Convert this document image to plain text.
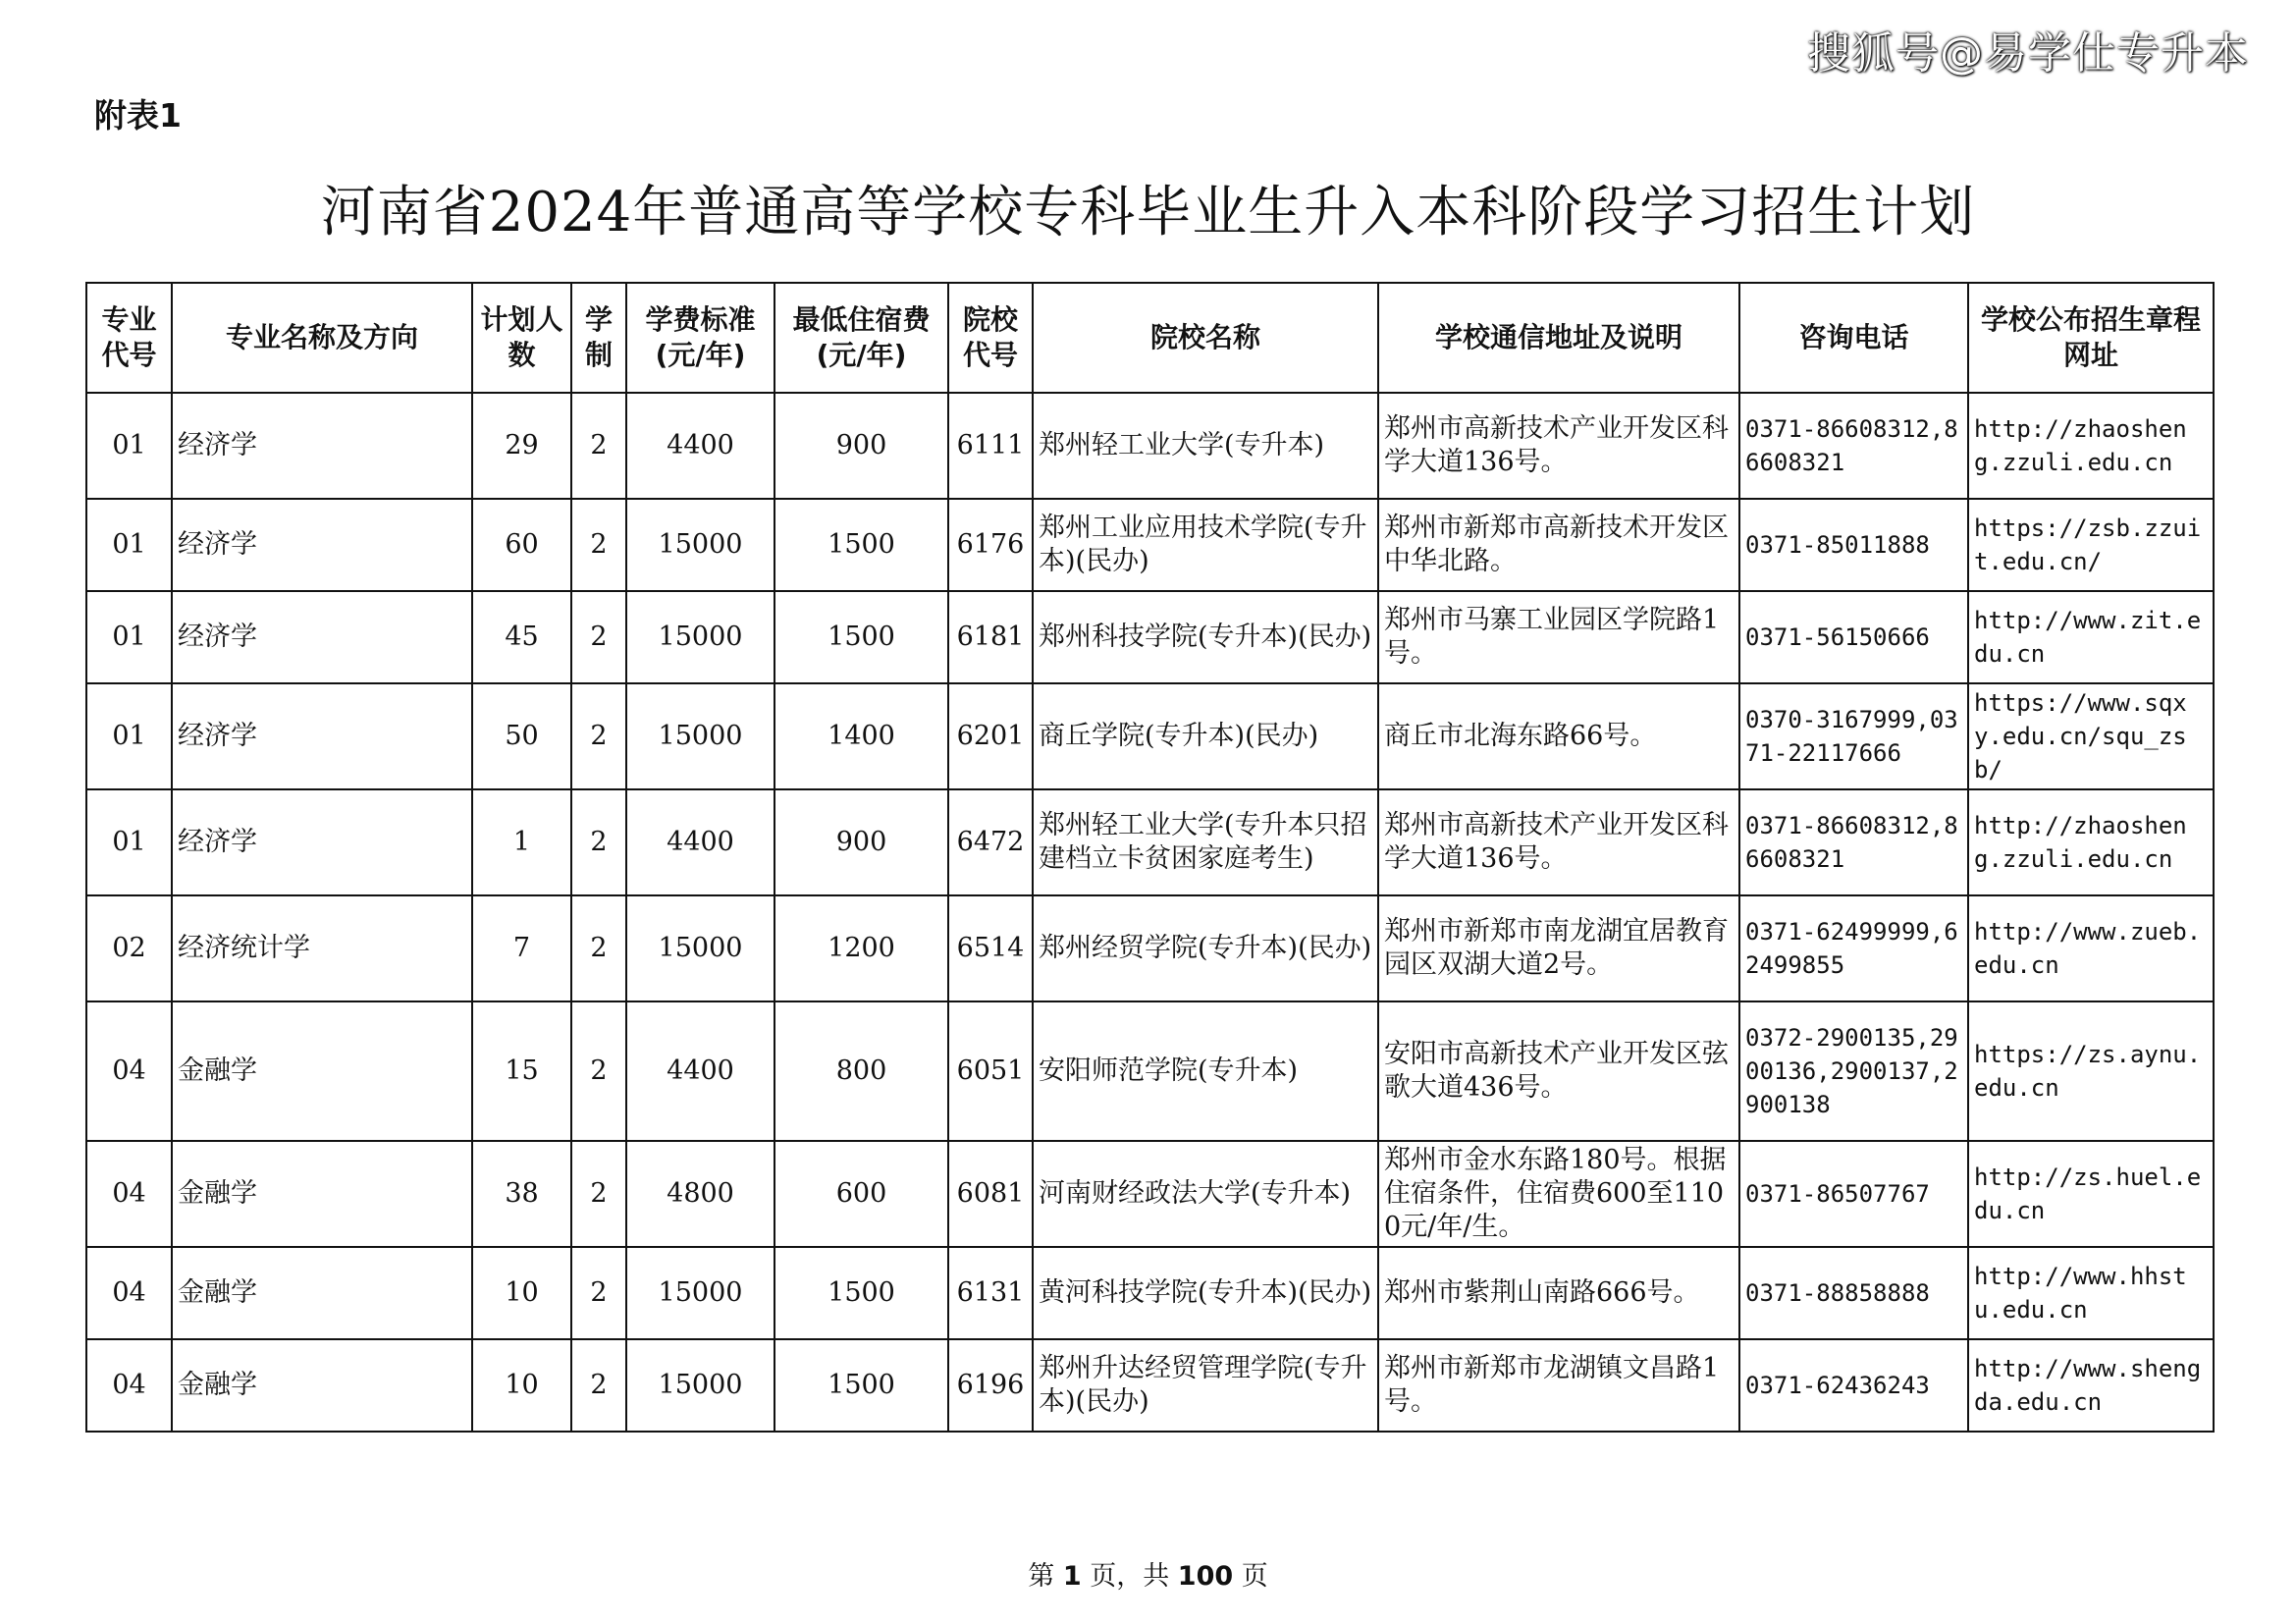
搜狐号@易学仕专升本
附表1
河南省2024年普通高等学校专科毕业生升入本科阶段学习招生计划
专业代号	专业名称及方向	计划人数	学制	学费标准(元/年)	最低住宿费(元/年)	院校代号	院校名称	学校通信地址及说明	咨询电话	学校公布招生章程网址
01	经济学	29	2	4400	900	6111	郑州轻工业大学(专升本)	郑州市高新技术产业开发区科学大道136号。	0371-86608312,86608321	http://zhaosheng.zzuli.edu.cn
01	经济学	60	2	15000	1500	6176	郑州工业应用技术学院(专升本)(民办)	郑州市新郑市高新技术开发区中华北路。	0371-85011888	https://zsb.zzuit.edu.cn/
01	经济学	45	2	15000	1500	6181	郑州科技学院(专升本)(民办)	郑州市马寨工业园区学院路1号。	0371-56150666	http://www.zit.edu.cn
01	经济学	50	2	15000	1400	6201	商丘学院(专升本)(民办)	商丘市北海东路66号。	0370-3167999,0371-22117666	https://www.sqxy.edu.cn/squ_zsb/
01	经济学	1	2	4400	900	6472	郑州轻工业大学(专升本只招建档立卡贫困家庭考生)	郑州市高新技术产业开发区科学大道136号。	0371-86608312,86608321	http://zhaosheng.zzuli.edu.cn
02	经济统计学	7	2	15000	1200	6514	郑州经贸学院(专升本)(民办)	郑州市新郑市南龙湖宜居教育园区双湖大道2号。	0371-62499999,62499855	http://www.zueb.edu.cn
04	金融学	15	2	4400	800	6051	安阳师范学院(专升本)	安阳市高新技术产业开发区弦歌大道436号。	0372-2900135,2900136,2900137,2900138	https://zs.aynu.edu.cn
04	金融学	38	2	4800	600	6081	河南财经政法大学(专升本)	郑州市金水东路180号。根据住宿条件，住宿费600至1100元/年/生。	0371-86507767	http://zs.huel.edu.cn
04	金融学	10	2	15000	1500	6131	黄河科技学院(专升本)(民办)	郑州市紫荆山南路666号。	0371-88858888	http://www.hhstu.edu.cn
04	金融学	10	2	15000	1500	6196	郑州升达经贸管理学院(专升本)(民办)	郑州市新郑市龙湖镇文昌路1号。	0371-62436243	http://www.shengda.edu.cn
第 1 页，共 100 页
